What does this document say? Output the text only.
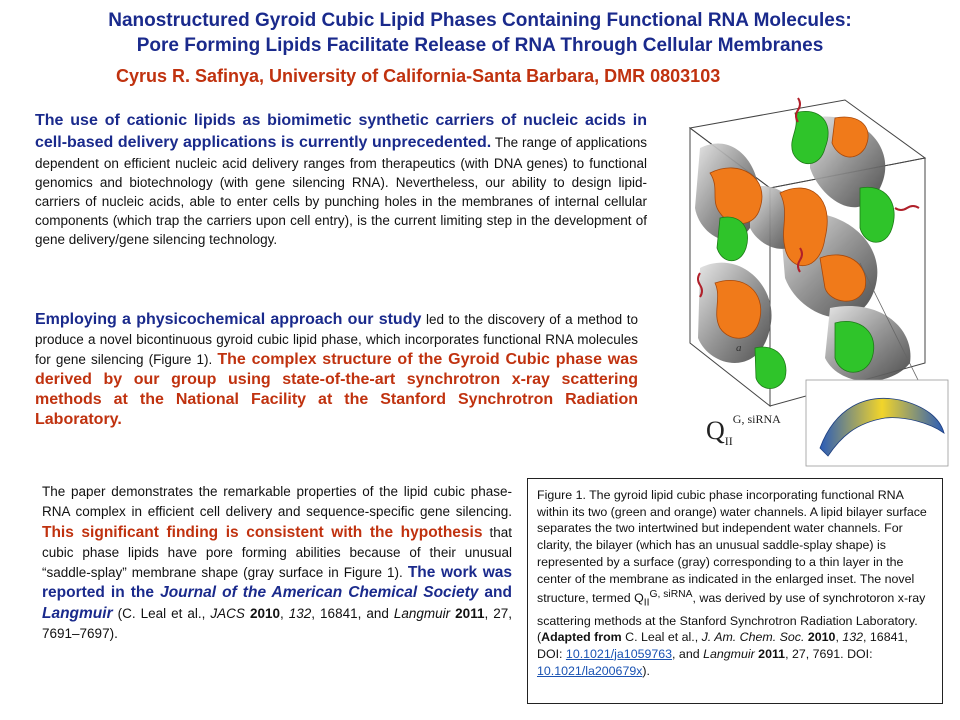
Nanostructured Gyroid Cubic Lipid Phases Containing Functional RNA Molecules:
Pore Forming Lipids Facilitate Release of RNA Through Cellular Membranes
Cyrus R. Safinya, University of California-Santa Barbara, DMR 0803103
The use of cationic lipids as biomimetic synthetic carriers of nucleic acids in cell-based delivery applications is currently unprecedented. The range of applications dependent on efficient nucleic acid delivery ranges from therapeutics (with DNA genes) to functional genomics and biotechnology (with gene silencing RNA). Nevertheless, our ability to design lipid-carriers of nucleic acids, able to enter cells by punching holes in the membranes of internal cellular components (which trap the carriers upon cell entry), is the current limiting step in the development of gene delivery/gene silencing technology.
Employing a physicochemical approach our study led to the discovery of a method to produce a novel bicontinuous gyroid cubic lipid phase, which incorporates functional RNA molecules for gene silencing (Figure 1). The complex structure of the Gyroid Cubic phase was derived by our group using state-of-the-art synchrotron x-ray scattering methods at the National Facility at the Stanford Synchrotron Radiation Laboratory.
The paper demonstrates the remarkable properties of the lipid cubic phase-RNA complex in efficient cell delivery and sequence-specific gene silencing. This significant finding is consistent with the hypothesis that cubic phase lipids have pore forming abilities because of their unusual “saddle-splay” membrane shape (gray surface in Figure 1). The work was reported in the Journal of the American Chemical Society and Langmuir (C. Leal et al., JACS 2010, 132, 16841, and Langmuir 2011, 27, 7691–7697).
a
$Q_{II}^{G, siRNA}$
Figure 1. The gyroid lipid cubic phase incorporating functional RNA within its two (green and orange) water channels. A lipid bilayer surface separates the two intertwined but independent water channels. For clarity, the bilayer (which has an unusual saddle-splay shape) is represented by a surface (gray) corresponding to a thin layer in the center of the membrane as indicated in the enlarged inset. The novel structure, termed $Q_{II}^{G, siRNA}$, was derived by use of synchrotoron x-ray scattering methods at the Stanford Synchrotron Radiation Laboratory. (Adapted from C. Leal et al., J. Am. Chem. Soc. 2010, 132, 16841, DOI: 10.1021/ja1059763, and Langmuir 2011, 27, 7691. DOI: 10.1021/la200679x).
